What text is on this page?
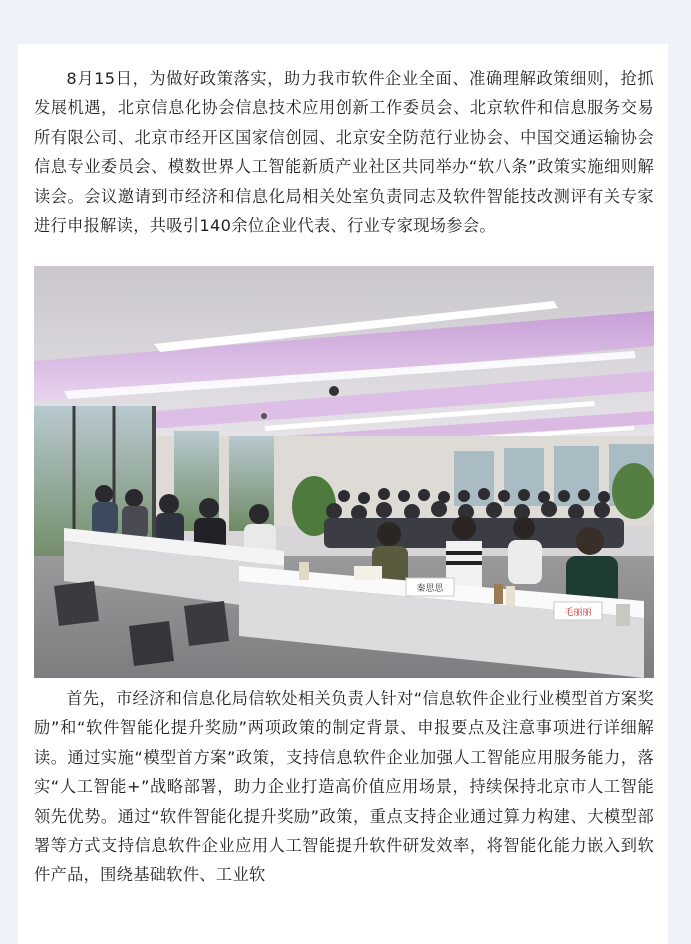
8月15日，为做好政策落实，助力我市软件企业全面、准确理解政策细则，抢抓发展机遇，北京信息化协会信息技术应用创新工作委员会、北京软件和信息服务交易所有限公司、北京市经开区国家信创园、北京安全防范行业协会、中国交通运输协会信息专业委员会、模数世界人工智能新质产业社区共同举办“软八条”政策实施细则解读会。会议邀请到市经济和信息化局相关处室负责同志及软件智能技改测评有关专家进行申报解读，共吸引140余位企业代表、行业专家现场参会。

秦思思
毛丽丽

首先，市经济和信息化局信软处相关负责人针对“信息软件企业行业模型首方案奖励”和“软件智能化提升奖励”两项政策的制定背景、申报要点及注意事项进行详细解读。通过实施“模型首方案”政策，支持信息软件企业加强人工智能应用服务能力，落实“人工智能+”战略部署，助力企业打造高价值应用场景，持续保持北京市人工智能领先优势。通过“软件智能化提升奖励”政策，重点支持企业通过算力构建、大模型部署等方式支持信息软件企业应用人工智能提升软件研发效率，将智能化能力嵌入到软件产品，围绕基础软件、工业软
